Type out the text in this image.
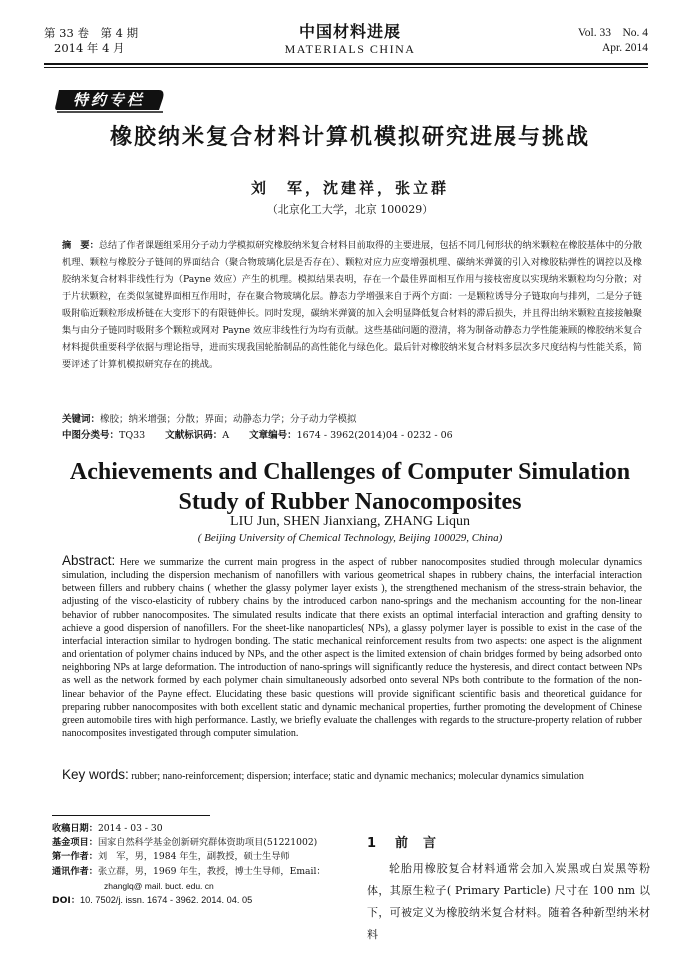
第 33 卷　第 4 期
2014 年 4 月
中国材料进展
MATERIALS CHINA
Vol. 33　No. 4
Apr. 2014
特约专栏
橡胶纳米复合材料计算机模拟研究进展与挑战
刘　军，沈建祥，张立群
（北京化工大学，北京 100029）
摘　要：总结了作者课题组采用分子动力学模拟研究橡胶纳米复合材料目前取得的主要进展，包括不同几何形状的纳米颗粒在橡胶基体中的分散机理、颗粒与橡胶分子链间的界面结合（聚合物玻璃化层是否存在）、颗粒对应力应变增强机理、碳纳米弹簧的引入对橡胶粘弹性的调控以及橡胶纳米复合材料非线性行为（Payne 效应）产生的机理。模拟结果表明，存在一个最佳界面相互作用与接枝密度以实现纳米颗粒均匀分散；对于片状颗粒，在类似氢键界面相互作用时，存在聚合物玻璃化层。静态力学增强来自于两个方面：一是颗粒诱导分子链取向与排列，二是分子链吸附临近颗粒形成桥链在大变形下的有限链伸长。同时发现，碳纳米弹簧的加入会明显降低复合材料的滞后损失，并且得出纳米颗粒直接接触聚集与由分子链同时吸附多个颗粒或网对 Payne 效应非线性行为均有贡献。这些基础问题的澄清，将为制备动静态力学性能兼顾的橡胶纳米复合材料提供重要科学依据与理论指导，进而实现我国轮胎制品的高性能化与绿色化。最后针对橡胶纳米复合材料多层次多尺度结构与性能关系，简要评述了计算机模拟研究存在的挑战。
关键词：橡胶；纳米增强；分散；界面；动静态力学；分子动力学模拟
中图分类号：TQ33 文献标识码：A 文章编号：1674 - 3962(2014)04 - 0232 - 06
Achievements and Challenges of Computer Simulation
Study of Rubber Nanocomposites
LIU Jun, SHEN Jianxiang, ZHANG Liqun
( Beijing University of Chemical Technology, Beijing 100029, China)
Abstract: Here we summarize the current main progress in the aspect of rubber nanocomposites studied through molecular dynamics simulation, including the dispersion mechanism of nanofillers with various geometrical shapes in rubbery chains, the interfacial interaction between fillers and rubbery chains ( whether the glassy polymer layer exists ), the strengthened mechanism of the stress-strain behavior, the adjusting of the visco-elasticity of rubbery chains by the introduced carbon nano-springs and the mechanism accounting for the non-linear behavior of rubber nanocomposites. The simulated results indicate that there exists an optimal interfacial interaction and grafting density to achieve a good dispersion of nanofillers. For the sheet-like nanoparticles( NPs), a glassy polymer layer is possible to exist in the case of the interfacial interaction similar to hydrogen bonding. The static mechanical reinforcement results from two aspects: one aspect is the alignment and orientation of polymer chains induced by NPs, and the other aspect is the limited extension of chain bridges formed by being adsorbed onto neighboring NPs at large deformation. The introduction of nano-springs will significantly reduce the hysteresis, and direct contact between NPs as well as the network formed by each polymer chain simultaneously adsorbed onto several NPs both contribute to the formation of the non-linear behavior of the Payne effect. Elucidating these basic questions will provide significant scientific basis and theoretical guidance for preparing rubber nanocomposites with both excellent static and dynamic mechanical properties, further promoting the development of Chinese green automobile tires with high performance. Lastly, we briefly evaluate the challenges with regards to the structure-property relation of rubber nanocomposites investigated through computer simulation.
Key words: rubber; nano-reinforcement; dispersion; interface; static and dynamic mechanics; molecular dynamics simulation
收稿日期：2014 - 03 - 30
基金项目：国家自然科学基金创新研究群体资助项目(51221002)
第一作者：刘　军，男，1984 年生，副教授，硕士生导师
通讯作者：张立群，男，1969 年生，教授，博士生导师，Email：
zhanglq@ mail. buct. edu. cn
DOI：10. 7502/j. issn. 1674 - 3962. 2014. 04. 05
1 前　言
轮胎用橡胶复合材料通常会加入炭黑或白炭黑等粉体，其原生粒子( Primary Particle) 尺寸在 100 nm 以下，可被定义为橡胶纳米复合材料。随着各种新型纳米材料
